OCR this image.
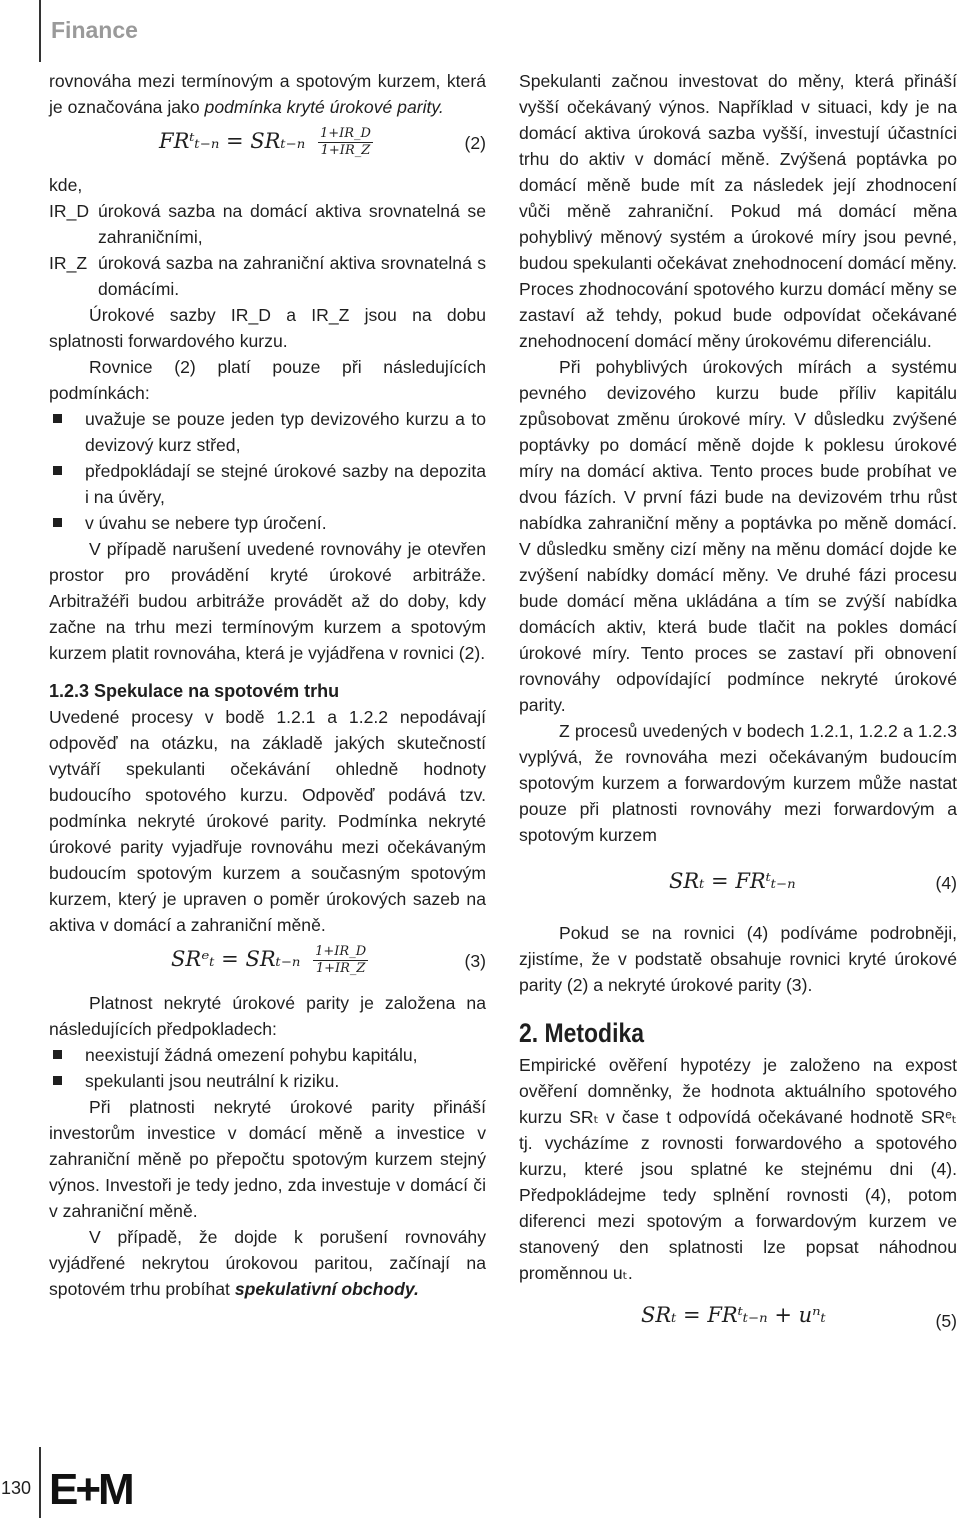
Finance

rovnováha mezi termínovým a spotovým kurzem, která je označována jako podmínka kryté úrokové parity.

FRᵗₜ₋ₙ = $SR_{t-n} \frac{1+IR\_D}{1+IR\_Z}$	(2)

kde,

IR_D úroková sazba na domácí aktiva srovnatelná se zahraničními,
IR_Z úroková sazba na zahraniční aktiva srovnatelná s domácími.

Úrokové sazby IR_D a IR_Z jsou na dobu splatnosti forwardového kurzu.

Rovnice (2) platí pouze při následujících podmínkách:

uvažuje se pouze jeden typ devizového kurzu a to devizový kurz střed,
předpokládají se stejné úrokové sazby na depozita i na úvěry,
v úvahu se nebere typ úročení.

V případě narušení uvedené rovnováhy je otevřen prostor pro provádění kryté úrokové arbitráže. Arbitražéři budou arbitráže provádět až do doby, kdy začne na trhu mezi termínovým kurzem a spotovým kurzem platit rovnováha, která je vyjádřena v rovnici (2).

1.2.3 Spekulace na spotovém trhu

Uvedené procesy v bodě 1.2.1 a 1.2.2 nepodávají odpověď na otázku, na základě jakých skutečností vytváří spekulanti očekávání ohledně hodnoty budoucího spotového kurzu. Odpověď podává tzv. podmínka nekryté úrokové parity. Podmínka nekryté úrokové parity vyjadřuje rovnováhu mezi očekávaným budoucím spotovým kurzem a současným spotovým kurzem, který je upraven o poměr úrokových sazeb na aktiva v domácí a zahraniční měně.

SRᵉₜ = $SR_{t-n} \frac{1+IR\_D}{1+IR\_Z}$	(3)

Platnost nekryté úrokové parity je založena na následujících předpokladech:

neexistují žádná omezení pohybu kapitálu,
spekulanti jsou neutrální k riziku.

Při platnosti nekryté úrokové parity přináší investorům investice v domácí měně a investice v zahraniční měně po přepočtu spotovým kurzem stejný výnos. Investoři je tedy jedno, zda investuje v domácí či v zahraniční měně.

V případě, že dojde k porušení rovnováhy vyjádřené nekrytou úrokovou paritou, začínají na spotovém trhu probíhat spekulativní obchody.

Spekulanti začnou investovat do měny, která přináší vyšší očekávaný výnos. Například v situaci, kdy je na domácí aktiva úroková sazba vyšší, investují účastníci trhu do aktiv v domácí měně. Zvýšená poptávka po domácí měně bude mít za následek její zhodnocení vůči měně zahraniční. Pokud má domácí měna pohyblivý měnový systém a úrokové míry jsou pevné, budou spekulanti očekávat znehodnocení domácí měny. Proces zhodnocování spotového kurzu domácí měny se zastaví až tehdy, pokud bude odpovídat očekávané znehodnocení domácí měny úrokovému diferenciálu.

Při pohyblivých úrokových mírách a systému pevného devizového kurzu bude příliv kapitálu způsobovat změnu úrokové míry. V důsledku zvýšené poptávky po domácí měně dojde k poklesu úrokové míry na domácí aktiva. Tento proces bude probíhat ve dvou fázích. V první fázi bude na devizovém trhu růst nabídka zahraniční měny a poptávka po měně domácí. V důsledku směny cizí měny na měnu domácí dojde ke zvýšení nabídky domácí měny. Ve druhé fázi procesu bude domácí měna ukládána a tím se zvýší nabídka domácích aktiv, která bude tlačit na pokles domácí úrokové míry. Tento proces se zastaví při obnovení rovnováhy odpovídající podmínce nekryté úrokové parity.

Z procesů uvedených v bodech 1.2.1, 1.2.2 a 1.2.3 vyplývá, že rovnováha mezi očekávaným budoucím spotovým kurzem a forwardovým kurzem může nastat pouze při platnosti rovnováhy mezi forwardovým a spotovým kurzem

SRₜ = FRᵗₜ₋ₙ	(4)

Pokud se na rovnici (4) podíváme podrobněji, zjistíme, že v podstatě obsahuje rovnici kryté úrokové parity (2) a nekryté úrokové parity (3).

2. Metodika

Empirické ověření hypotézy je založeno na expost ověření domněnky, že hodnota aktuálního spotového kurzu SRₜ v čase t odpovídá očekávané hodnotě SRᵉₜ tj. vycházíme z rovnosti forwardového a spotového kurzu, které jsou splatné ke stejnému dni (4). Předpokládejme tedy splnění rovnosti (4), potom diferenci mezi spotovým a forwardovým kurzem ve stanovený den splatnosti lze popsat náhodnou proměnnou uₜ.

SRₜ = FRᵗₜ₋ₙ + uⁿₜ	(5)
130 E+M
